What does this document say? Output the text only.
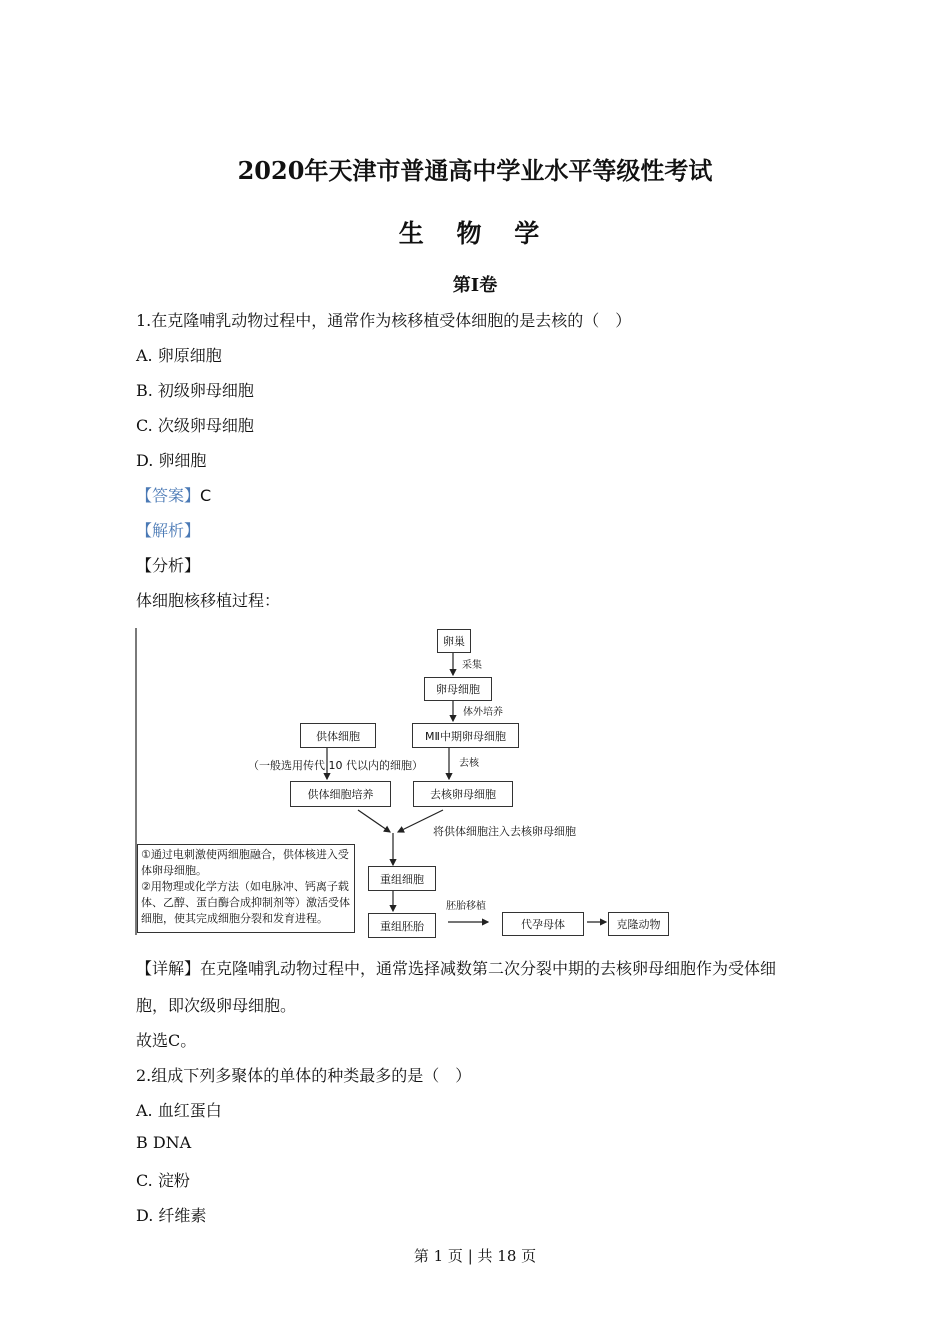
2020年天津市普通高中学业水平等级性考试
生 物 学
第Ⅰ卷
1.在克隆哺乳动物过程中，通常作为核移植受体细胞的是去核的（　）
A. 卵原细胞
B. 初级卵母细胞
C. 次级卵母细胞
D. 卵细胞
【答案】C
【解析】
【分析】
体细胞核移植过程：
卵巢
采集
卵母细胞
体外培养
供体细胞	MⅡ中期卵母细胞
去核
（一般选用传代 10 代以内的细胞）
供体细胞培养	去核卵母细胞
将供体细胞注入去核卵母细胞
①通过电刺激使两细胞融合，供体核进入受体卵母细胞。
②用物理或化学方法（如电脉冲、钙离子载体、乙醇、蛋白酶合成抑制剂等）激活受体细胞，使其完成细胞分裂和发育进程。
重组细胞
重组胚胎
胚胎移植
代孕母体	克隆动物
【详解】在克隆哺乳动物过程中，通常选择减数第二次分裂中期的去核卵母细胞作为受体细
胞，即次级卵母细胞。
故选C。
2.组成下列多聚体的单体的种类最多的是（　）
A. 血红蛋白
B DNA
C. 淀粉
D. 纤维素
第 1 页 | 共 18 页
